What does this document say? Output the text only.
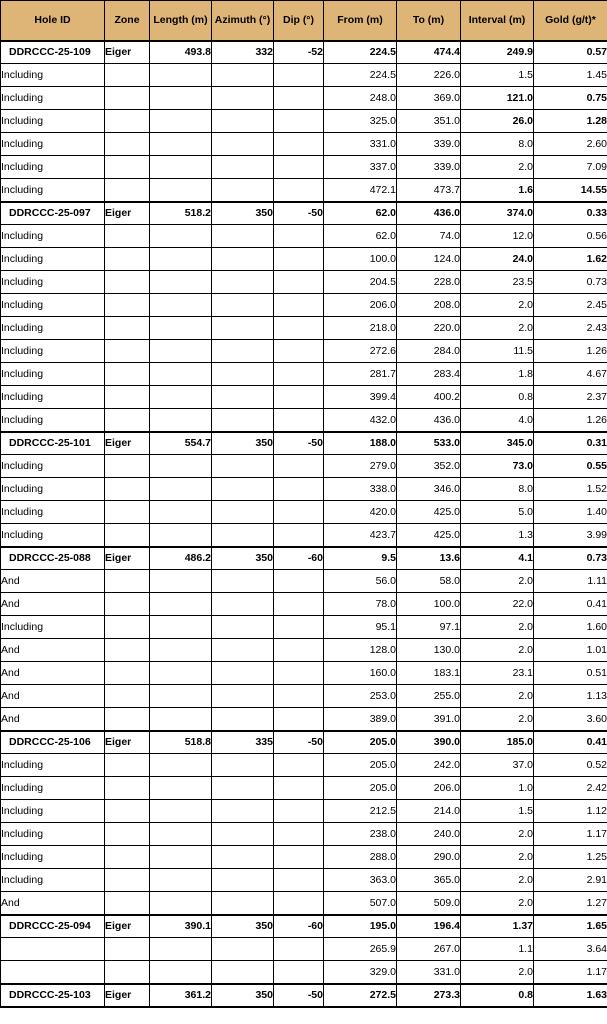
Hole ID	Zone	Length (m)	Azimuth (°)	Dip (°)	From (m)	To (m)	Interval (m)	Gold (g/t)*
DDRCCC-25-109	Eiger	493.8	332	-52	224.5	474.4	249.9	0.57
Including					224.5	226.0	1.5	1.45
Including					248.0	369.0	121.0	0.75
Including					325.0	351.0	26.0	1.28
Including					331.0	339.0	8.0	2.60
Including					337.0	339.0	2.0	7.09
Including					472.1	473.7	1.6	14.55
DDRCCC-25-097	Eiger	518.2	350	-50	62.0	436.0	374.0	0.33
Including					62.0	74.0	12.0	0.56
Including					100.0	124.0	24.0	1.62
Including					204.5	228.0	23.5	0.73
Including					206.0	208.0	2.0	2.45
Including					218.0	220.0	2.0	2.43
Including					272.6	284.0	11.5	1.26
Including					281.7	283.4	1.8	4.67
Including					399.4	400.2	0.8	2.37
Including					432.0	436.0	4.0	1.26
DDRCCC-25-101	Eiger	554.7	350	-50	188.0	533.0	345.0	0.31
Including					279.0	352.0	73.0	0.55
Including					338.0	346.0	8.0	1.52
Including					420.0	425.0	5.0	1.40
Including					423.7	425.0	1.3	3.99
DDRCCC-25-088	Eiger	486.2	350	-60	9.5	13.6	4.1	0.73
And					56.0	58.0	2.0	1.11
And					78.0	100.0	22.0	0.41
Including					95.1	97.1	2.0	1.60
And					128.0	130.0	2.0	1.01
And					160.0	183.1	23.1	0.51
And					253.0	255.0	2.0	1.13
And					389.0	391.0	2.0	3.60
DDRCCC-25-106	Eiger	518.8	335	-50	205.0	390.0	185.0	0.41
Including					205.0	242.0	37.0	0.52
Including					205.0	206.0	1.0	2.42
Including					212.5	214.0	1.5	1.12
Including					238.0	240.0	2.0	1.17
Including					288.0	290.0	2.0	1.25
Including					363.0	365.0	2.0	2.91
And					507.0	509.0	2.0	1.27
DDRCCC-25-094	Eiger	390.1	350	-60	195.0	196.4	1.37	1.65
					265.9	267.0	1.1	3.64
					329.0	331.0	2.0	1.17
DDRCCC-25-103	Eiger	361.2	350	-50	272.5	273.3	0.8	1.63
